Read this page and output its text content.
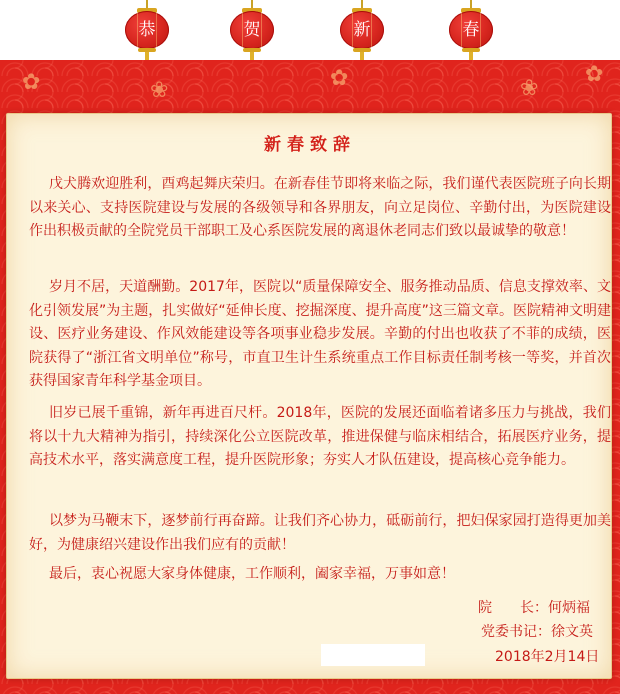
恭	贺	新	春
✿	❀	✿	❀
✿
新春致辞

戊犬腾欢迎胜利，酉鸡起舞庆荣归。在新春佳节即将来临之际，我们谨代表医院班子向长期以来关心、支持医院建设与发展的各级领导和各界朋友，向立足岗位、辛勤付出，为医院建设作出积极贡献的全院党员干部职工及心系医院发展的离退休老同志们致以最诚挚的敬意！

岁月不居，天道酬勤。2017年，医院以“质量保障安全、服务推动品质、信息支撑效率、文化引领发展”为主题，扎实做好“延伸长度、挖掘深度、提升高度”这三篇文章。医院精神文明建设、医疗业务建设、作风效能建设等各项事业稳步发展。辛勤的付出也收获了不菲的成绩，医院获得了“浙江省文明单位”称号，市直卫生计生系统重点工作目标责任制考核一等奖，并首次获得国家青年科学基金项目。

旧岁已展千重锦，新年再进百尺杆。2018年，医院的发展还面临着诸多压力与挑战，我们将以十九大精神为指引，持续深化公立医院改革，推进保健与临床相结合，拓展医疗业务，提高技术水平，落实满意度工程，提升医院形象；夯实人才队伍建设，提高核心竞争能力。

以梦为马鞭末下，逐梦前行再奋蹄。让我们齐心协力，砥砺前行，把妇保家园打造得更加美好，为健康绍兴建设作出我们应有的贡献！

最后，衷心祝愿大家身体健康，工作顺利，阖家幸福，万事如意！

院　　长：何炳福
党委书记：徐文英
2018年2月14日
